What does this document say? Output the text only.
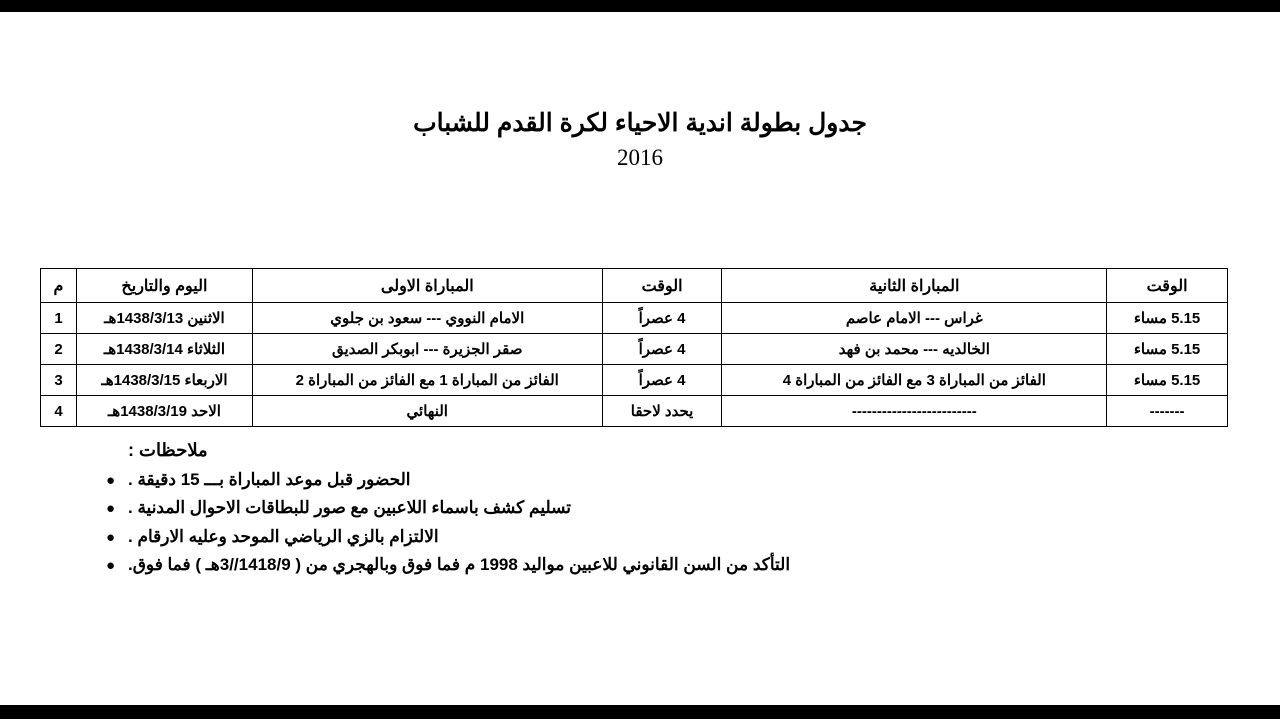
جدول بطولة اندية الاحياء لكرة القدم للشباب
2016
الوقت	المباراة الثانية	الوقت	المباراة الاولى	اليوم والتاريخ	م
5.15 مساء	غراس --- الامام عاصم	4 عصراً	الامام النووي --- سعود بن جلوي	الاثنين 1438/3/13هـ	1
5.15 مساء	الخالديه --- محمد بن فهد	4 عصراً	صقر الجزيرة --- ابوبكر الصديق	الثلاثاء 1438/3/14هـ	2
5.15 مساء	الفائز من المباراة 3 مع الفائز من المباراة 4	4 عصراً	الفائز من المباراة 1 مع الفائز من المباراة 2	الاربعاء 1438/3/15هـ	3
-------	-------------------------	يحدد لاحقا	النهائي	الاحد 1438/3/19هـ	4
ملاحظات :
● الحضور قبل موعد المباراة بـــ 15 دقيقة .
● تسليم كشف باسماء اللاعبين مع صور للبطاقات الاحوال المدنية .
● الالتزام بالزي الرياضي الموحد وعليه الارقام .
● التأكد من السن القانوني للاعبين مواليد 1998 م فما فوق وبالهجري من ( 1418/9//3هـ ) فما فوق.
